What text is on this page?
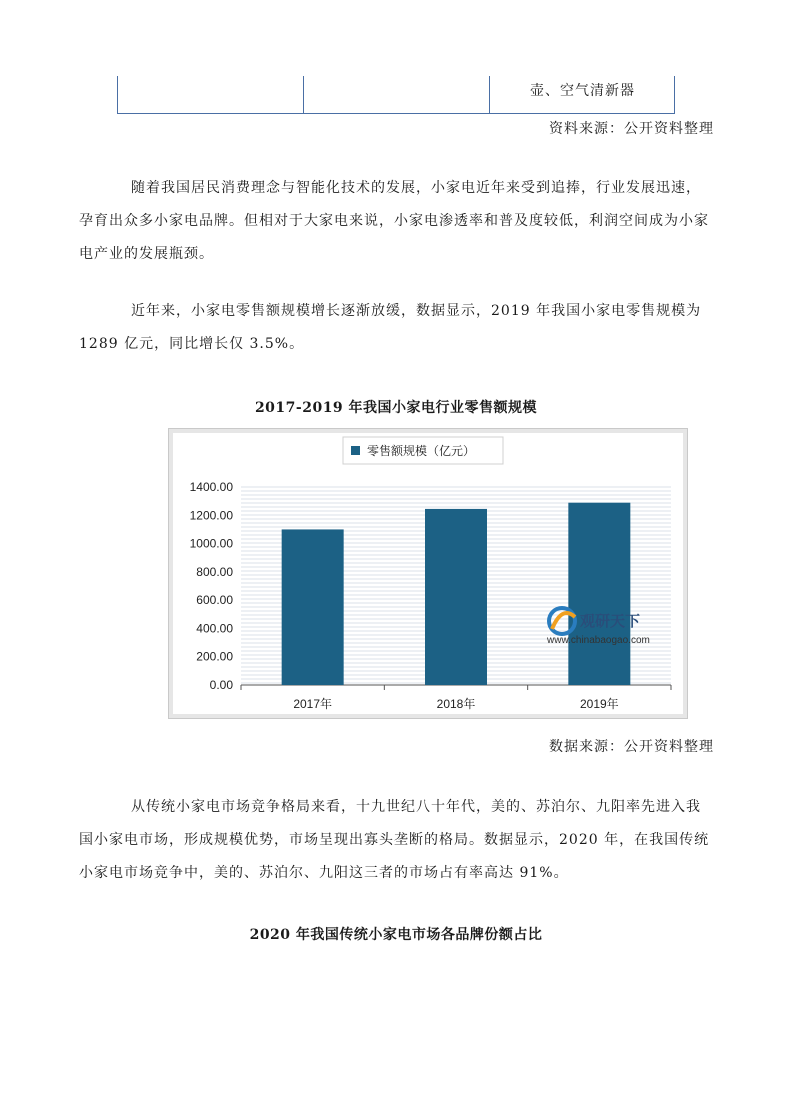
壶、空气清新器
资料来源：公开资料整理

随着我国居民消费理念与智能化技术的发展，小家电近年来受到追捧，行业发展迅速，孕育出众多小家电品牌。但相对于大家电来说，小家电渗透率和普及度较低，利润空间成为小家电产业的发展瓶颈。

近年来，小家电零售额规模增长逐渐放缓，数据显示，2019 年我国小家电零售规模为 1289 亿元，同比增长仅 3.5%。

2017-2019 年我国小家电行业零售额规模
零售额规模（亿元）
0.00
200.00
400.00
600.00
800.00
1000.00
1200.00
1400.00
2017年	2018年	2019年
观研天下
www.chinabaogao.com
数据来源：公开资料整理

从传统小家电市场竞争格局来看，十九世纪八十年代，美的、苏泊尔、九阳率先进入我国小家电市场，形成规模优势，市场呈现出寡头垄断的格局。数据显示，2020 年，在我国传统小家电市场竞争中，美的、苏泊尔、九阳这三者的市场占有率高达 91%。

2020 年我国传统小家电市场各品牌份额占比
